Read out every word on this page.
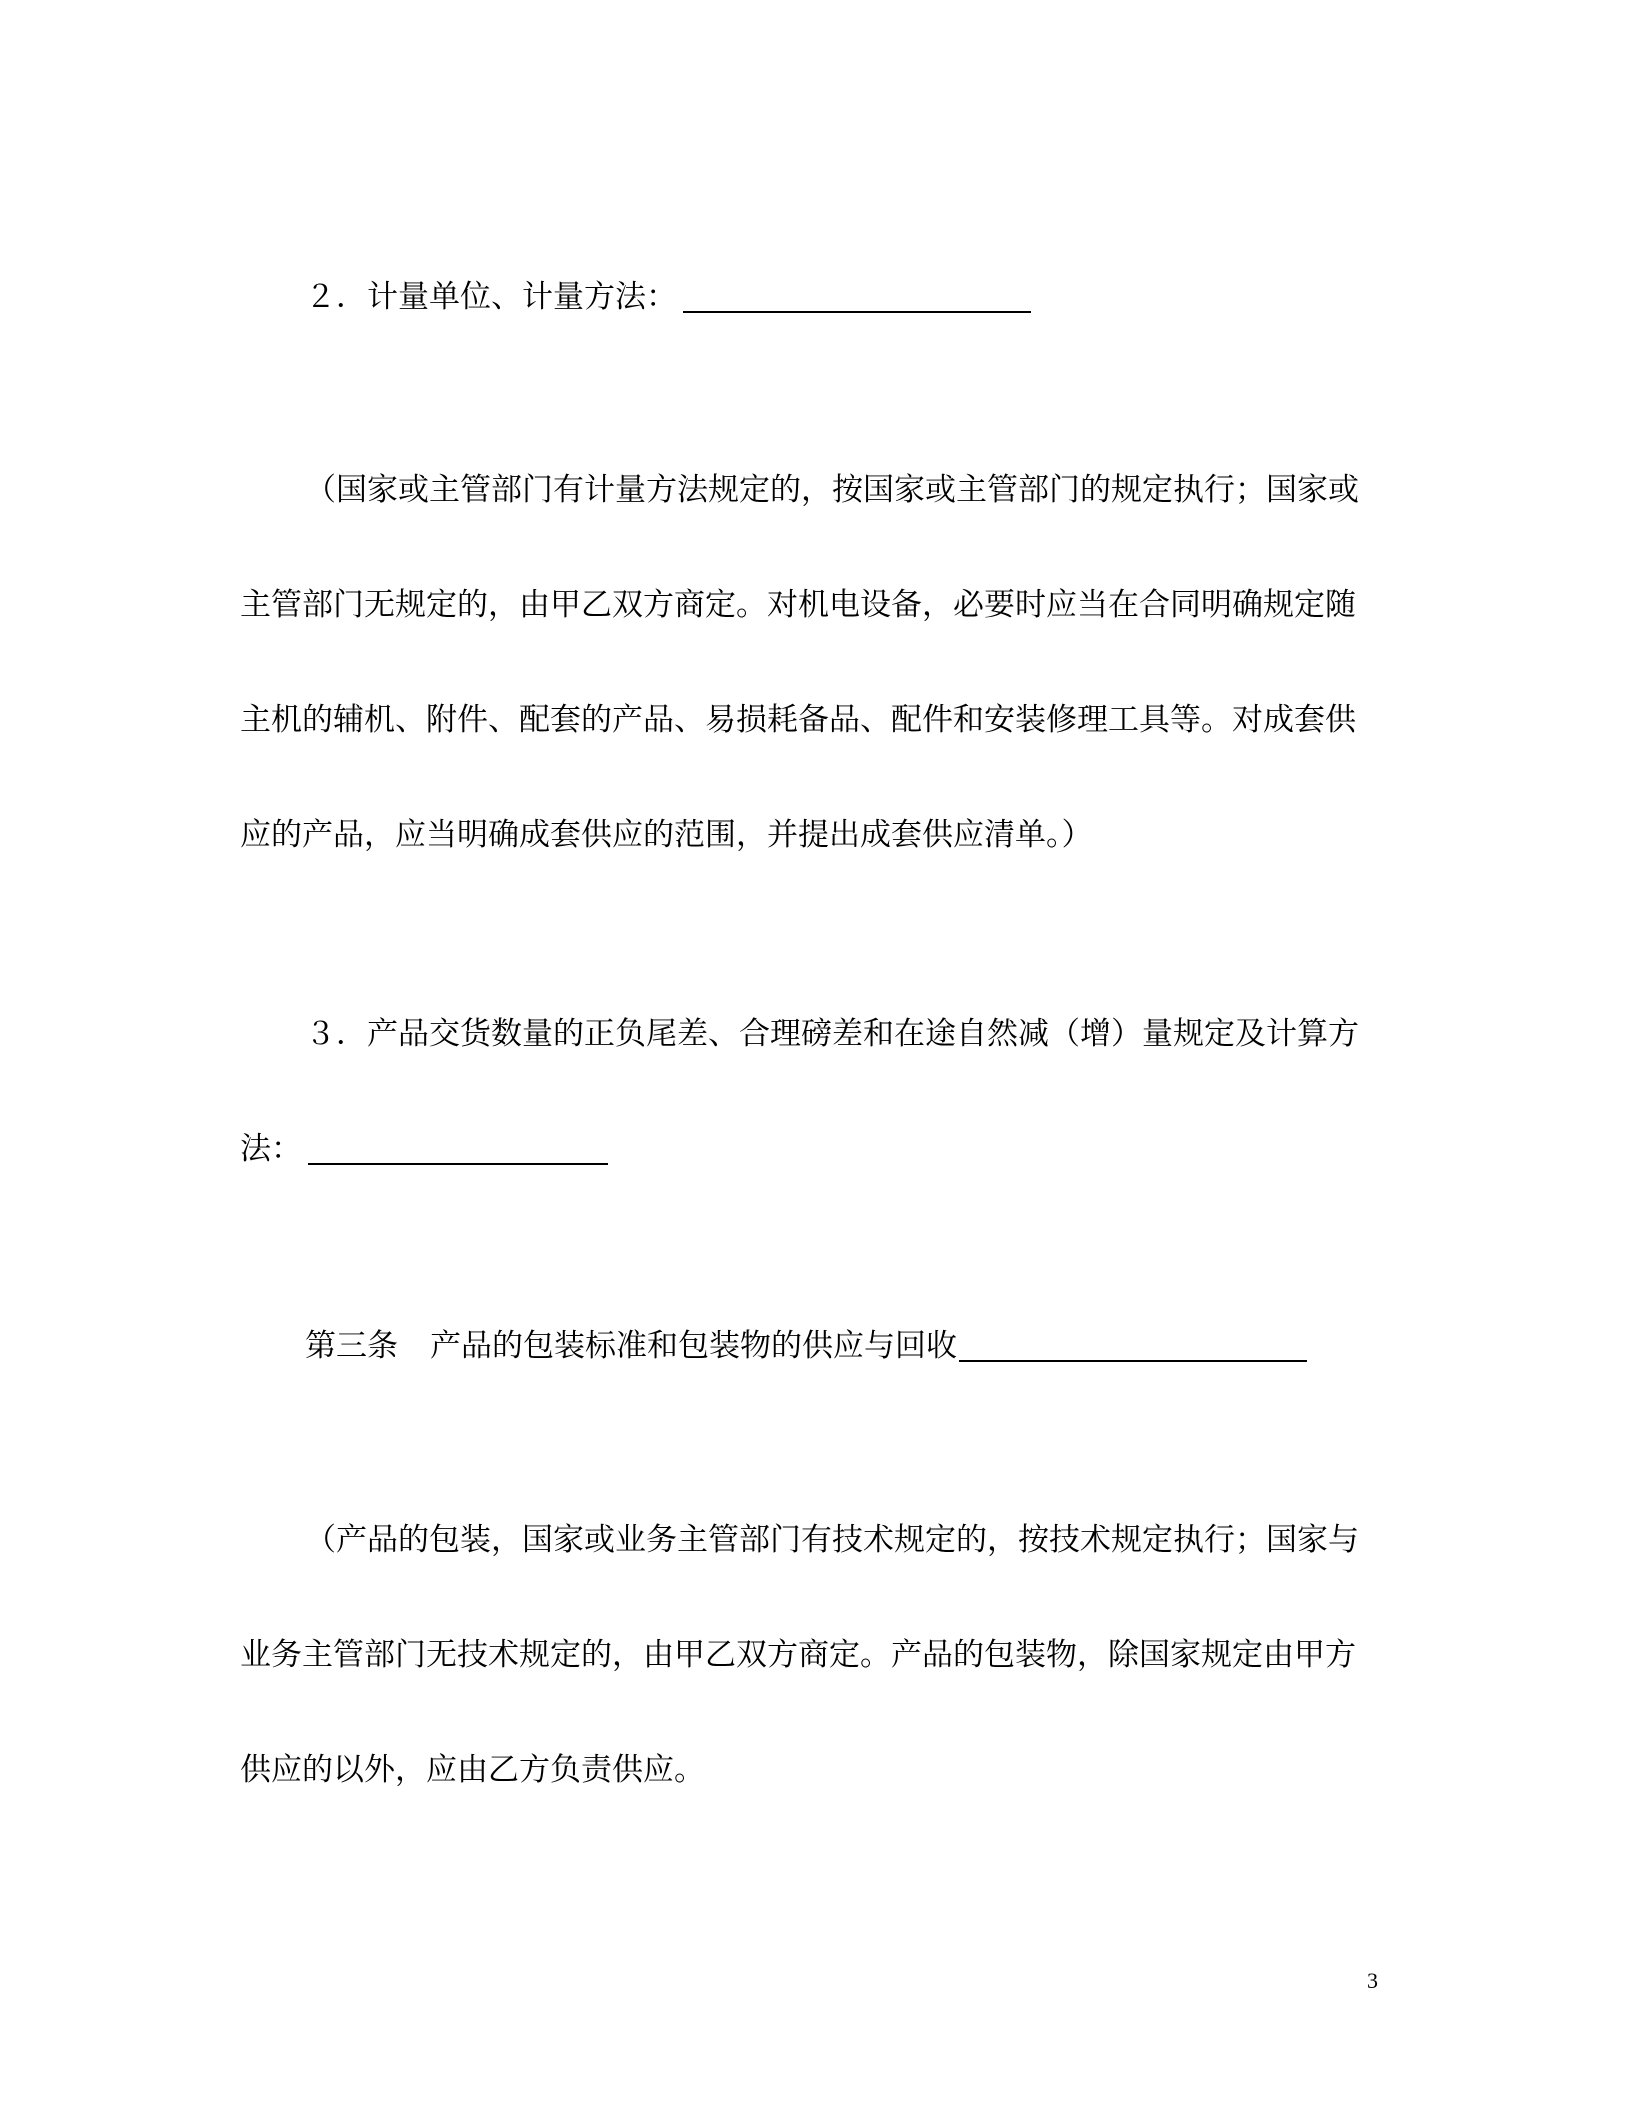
２．计量单位、计量方法：
（国家或主管部门有计量方法规定的，按国家或主管部门的规定执行；国家或
主管部门无规定的，由甲乙双方商定。对机电设备，必要时应当在合同明确规定随
主机的辅机、附件、配套的产品、易损耗备品、配件和安装修理工具等。对成套供
应的产品，应当明确成套供应的范围，并提出成套供应清单。）
３．产品交货数量的正负尾差、合理磅差和在途自然减（增）量规定及计算方
法：
第三条 产品的包装标准和包装物的供应与回收
（产品的包装，国家或业务主管部门有技术规定的，按技术规定执行；国家与
业务主管部门无技术规定的，由甲乙双方商定。产品的包装物，除国家规定由甲方
供应的以外，应由乙方负责供应。
3
